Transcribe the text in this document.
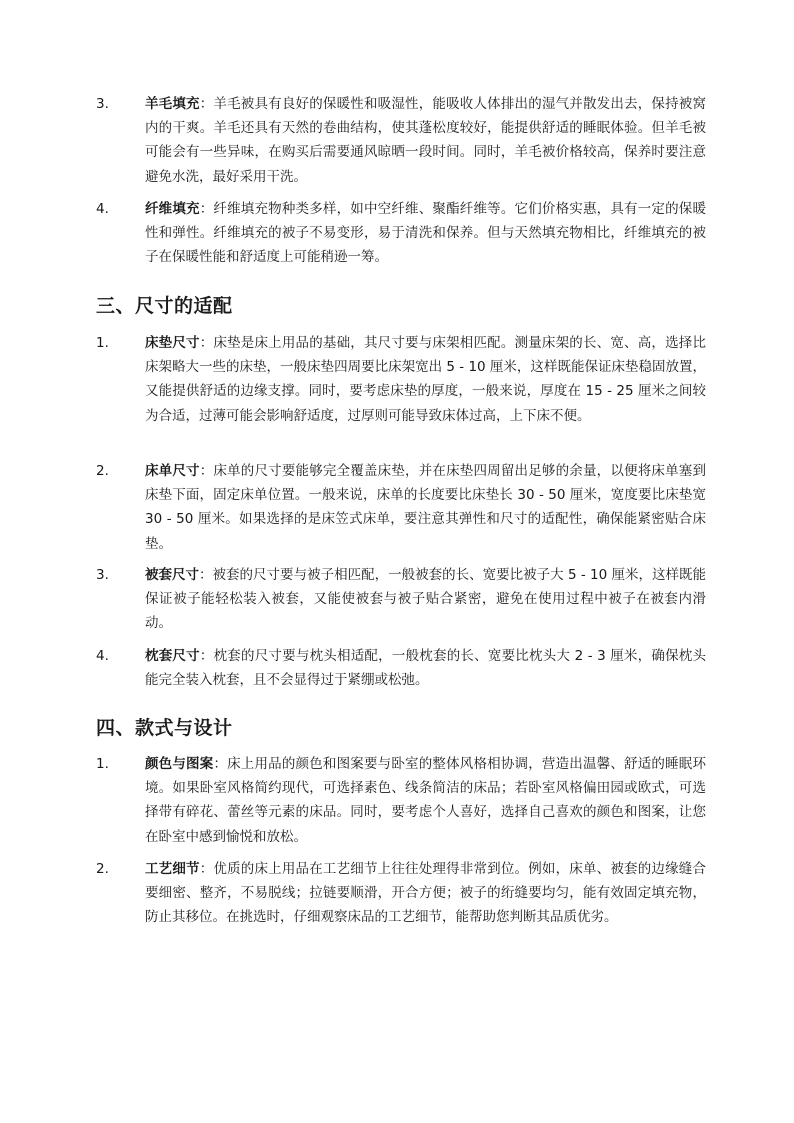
3.	羊毛填充：羊毛被具有良好的保暖性和吸湿性，能吸收人体排出的湿气并散发出去，保持被窝内的干爽。羊毛还具有天然的卷曲结构，使其蓬松度较好，能提供舒适的睡眠体验。但羊毛被可能会有一些异味，在购买后需要通风晾晒一段时间。同时，羊毛被价格较高，保养时要注意避免水洗，最好采用干洗。
4.	纤维填充：纤维填充物种类多样，如中空纤维、聚酯纤维等。它们价格实惠，具有一定的保暖性和弹性。纤维填充的被子不易变形，易于清洗和保养。但与天然填充物相比，纤维填充的被子在保暖性能和舒适度上可能稍逊一筹。
三、尺寸的适配
1.	床垫尺寸：床垫是床上用品的基础，其尺寸要与床架相匹配。测量床架的长、宽、高，选择比床架略大一些的床垫，一般床垫四周要比床架宽出 5 - 10 厘米，这样既能保证床垫稳固放置，又能提供舒适的边缘支撑。同时，要考虑床垫的厚度，一般来说，厚度在 15 - 25 厘米之间较为合适，过薄可能会影响舒适度，过厚则可能导致床体过高，上下床不便。
2.	床单尺寸：床单的尺寸要能够完全覆盖床垫，并在床垫四周留出足够的余量，以便将床单塞到床垫下面，固定床单位置。一般来说，床单的长度要比床垫长 30 - 50 厘米，宽度要比床垫宽 30 - 50 厘米。如果选择的是床笠式床单，要注意其弹性和尺寸的适配性，确保能紧密贴合床垫。
3.	被套尺寸：被套的尺寸要与被子相匹配，一般被套的长、宽要比被子大 5 - 10 厘米，这样既能保证被子能轻松装入被套，又能使被套与被子贴合紧密，避免在使用过程中被子在被套内滑动。
4.	枕套尺寸：枕套的尺寸要与枕头相适配，一般枕套的长、宽要比枕头大 2 - 3 厘米，确保枕头能完全装入枕套，且不会显得过于紧绷或松弛。
四、款式与设计
1.	颜色与图案：床上用品的颜色和图案要与卧室的整体风格相协调，营造出温馨、舒适的睡眠环境。如果卧室风格简约现代，可选择素色、线条简洁的床品；若卧室风格偏田园或欧式，可选择带有碎花、蕾丝等元素的床品。同时，要考虑个人喜好，选择自己喜欢的颜色和图案，让您在卧室中感到愉悦和放松。
2.	工艺细节：优质的床上用品在工艺细节上往往处理得非常到位。例如，床单、被套的边缘缝合要细密、整齐，不易脱线；拉链要顺滑，开合方便；被子的绗缝要均匀，能有效固定填充物，防止其移位。在挑选时，仔细观察床品的工艺细节，能帮助您判断其品质优劣。
